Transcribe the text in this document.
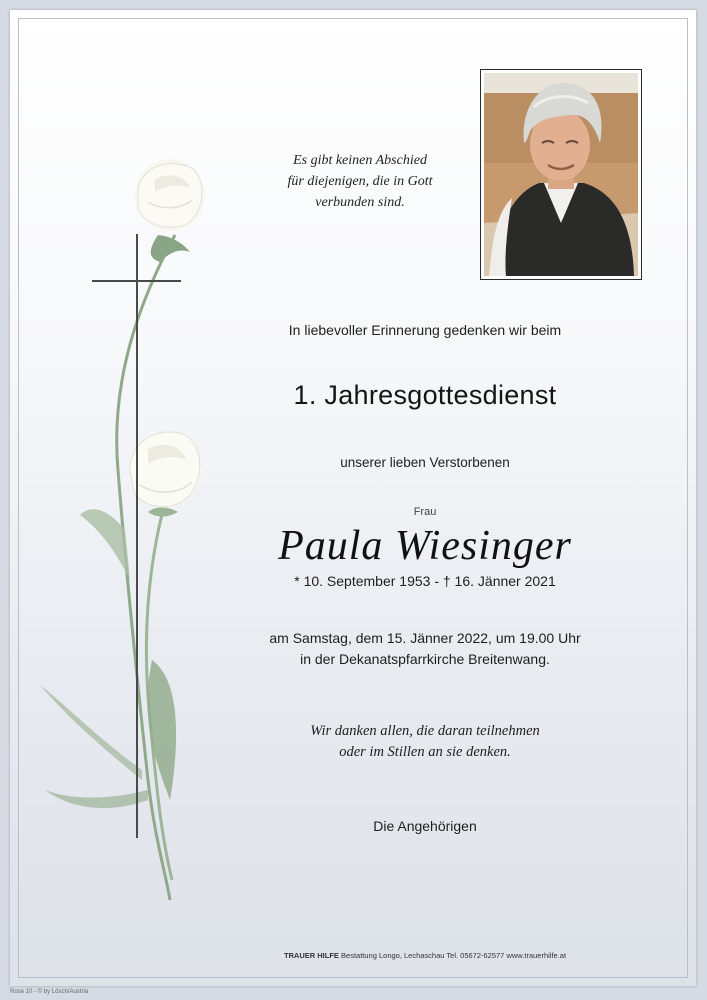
Es gibt keinen Abschied
für diejenigen, die in Gott
verbunden sind.
In liebevoller Erinnerung gedenken wir beim
1. Jahresgottesdienst
unserer lieben Verstorbenen
Frau
Paula Wiesinger
* 10. September 1953 - † 16. Jänner 2021
am Samstag, dem 15. Jänner 2022, um 19.00 Uhr
in der Dekanatspfarrkirche Breitenwang.
Wir danken allen, die daran teilnehmen
oder im Stillen an sie denken.
Die Angehörigen
TRAUER HILFE Bestattung Longo, Lechaschau Tel. 05672-62577 www.trauerhilfe.at
Rose 10 - © by Lösch/Austria
